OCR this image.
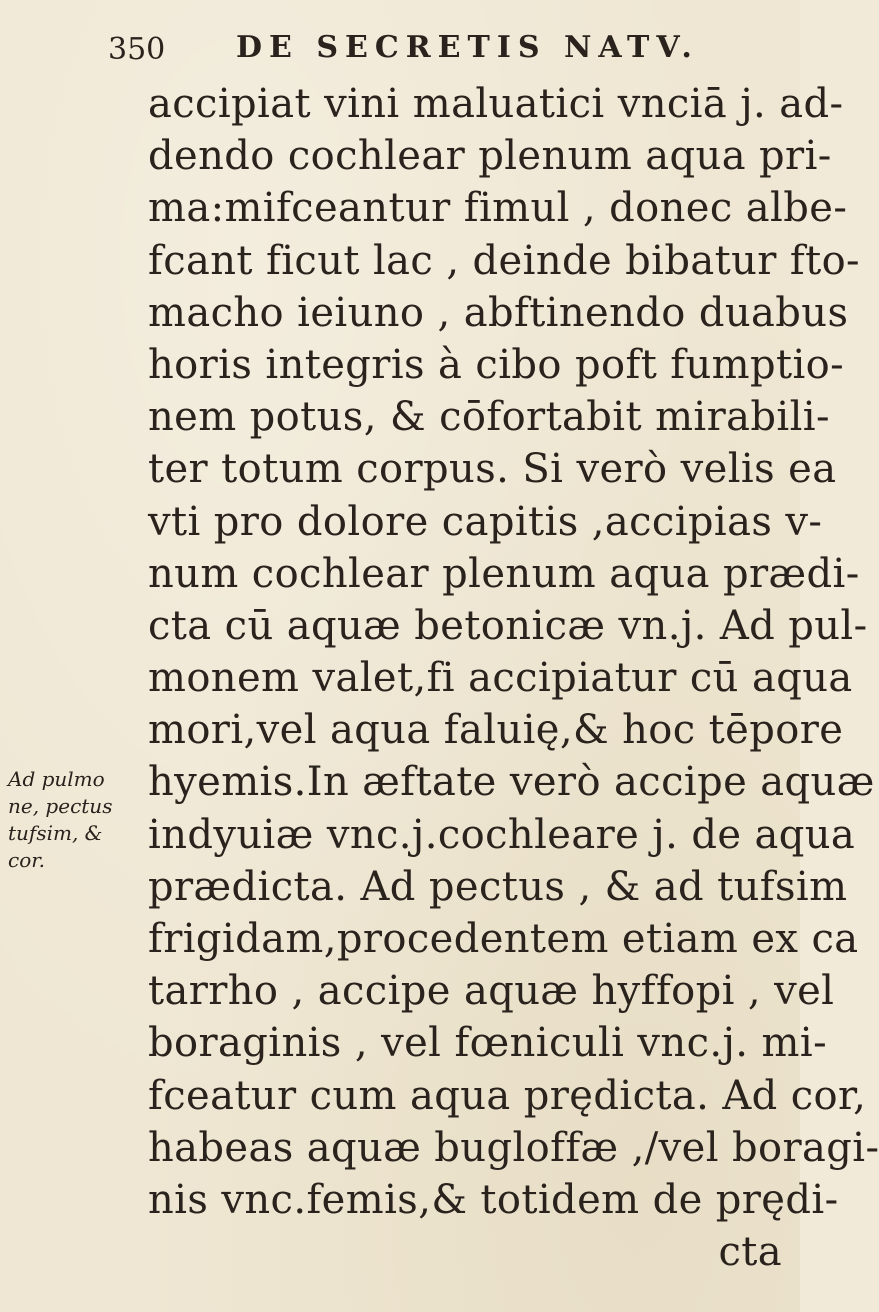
350 DE SECRETIS NATV.
accipiat vini maluatici vnciā j. ad-
dendo cochlear plenum aqua pri-
ma:mifceantur fimul , donec albe-
fcant ficut lac , deinde bibatur fto-
macho ieiuno , abftinendo duabus
horis integris à cibo poft fumptio-
nem potus, & cōfortabit mirabili-
ter totum corpus. Si verò velis ea
vti pro dolore capitis ,accipias v-
num cochlear plenum aqua prædi-
cta cū aquæ betonicæ vn.j. Ad pul-
monem valet,fi accipiatur cū aqua
mori,vel aqua faluię,& hoc tēpore
hyemis.In æftate verò accipe aquæ
indyuiæ vnc.j.cochleare j. de aqua
prædicta. Ad pectus , & ad tufsim
frigidam,procedentem etiam ex ca
tarrho , accipe aquæ hyffopi , vel
boraginis , vel fœniculi vnc.j. mi-
fceatur cum aqua prędicta. Ad cor,
habeas aquæ bugloffæ ,/vel boragi-
nis vnc.femis,& totidem de prędi-
cta
Ad pulmo
ne, pectus
tufsim, &
cor.
